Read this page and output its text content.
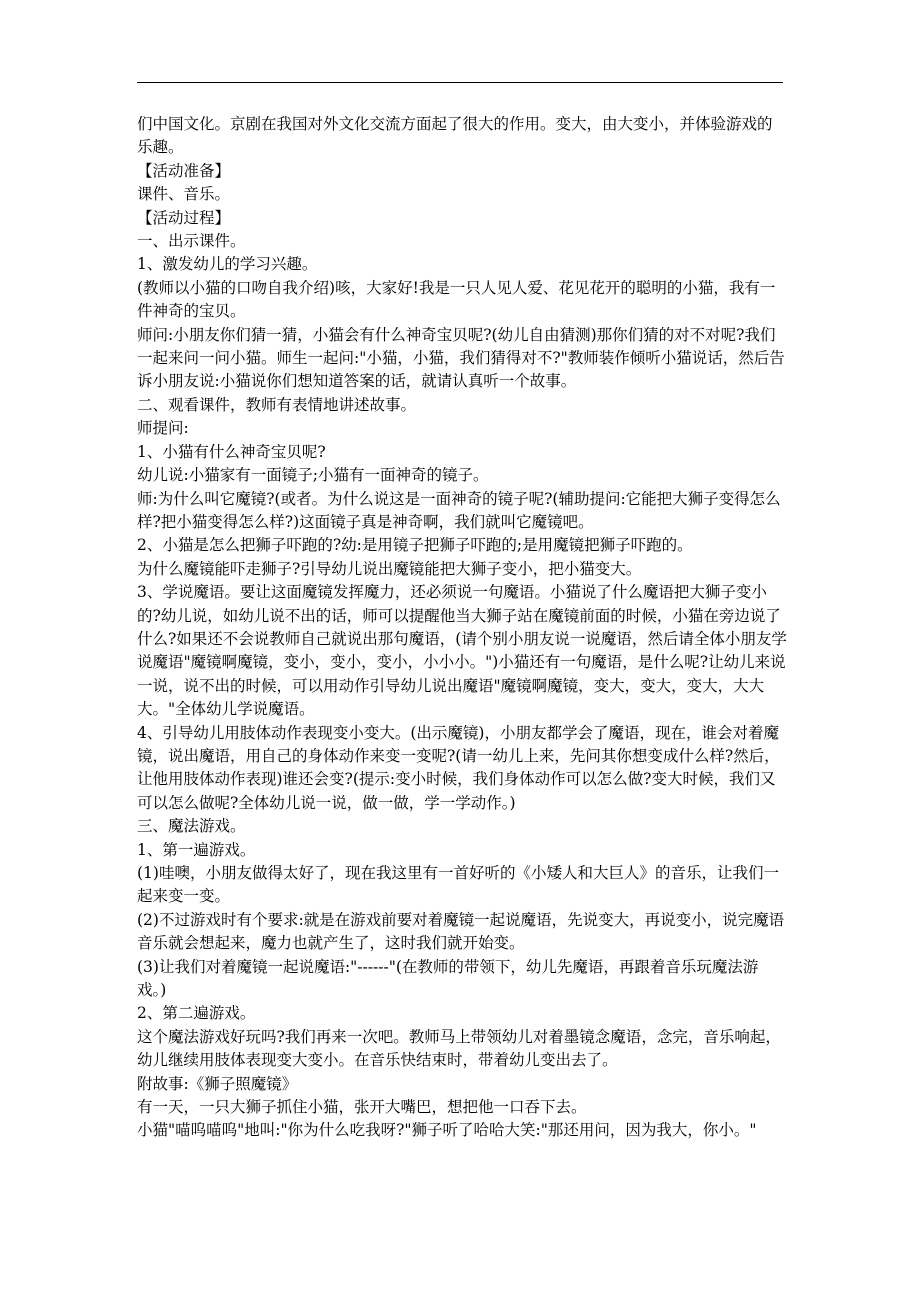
们中国文化。京剧在我国对外文化交流方面起了很大的作用。变大，由大变小，并体验游戏的乐趣。

【活动准备】

课件、音乐。

【活动过程】

一、出示课件。

1、激发幼儿的学习兴趣。

(教师以小猫的口吻自我介绍)咳，大家好!我是一只人见人爱、花见花开的聪明的小猫，我有一件神奇的宝贝。

师问:小朋友你们猜一猜，小猫会有什么神奇宝贝呢?(幼儿自由猜测)那你们猜的对不对呢?我们一起来问一问小猫。师生一起问:"小猫，小猫，我们猜得对不?"教师装作倾听小猫说话，然后告诉小朋友说:小猫说你们想知道答案的话，就请认真听一个故事。

二、观看课件，教师有表情地讲述故事。

师提问:

1、小猫有什么神奇宝贝呢?

幼儿说:小猫家有一面镜子;小猫有一面神奇的镜子。

师:为什么叫它魔镜?(或者。为什么说这是一面神奇的镜子呢?(辅助提问:它能把大狮子变得怎么样?把小猫变得怎么样?)这面镜子真是神奇啊，我们就叫它魔镜吧。

2、小猫是怎么把狮子吓跑的?幼:是用镜子把狮子吓跑的;是用魔镜把狮子吓跑的。

为什么魔镜能吓走狮子?引导幼儿说出魔镜能把大狮子变小，把小猫变大。

3、学说魔语。要让这面魔镜发挥魔力，还必须说一句魔语。小猫说了什么魔语把大狮子变小的?幼儿说，如幼儿说不出的话，师可以提醒他当大狮子站在魔镜前面的时候，小猫在旁边说了什么?如果还不会说教师自己就说出那句魔语，(请个别小朋友说一说魔语，然后请全体小朋友学说魔语"魔镜啊魔镜，变小，变小，变小，小小小。")小猫还有一句魔语，是什么呢?让幼儿来说一说，说不出的时候，可以用动作引导幼儿说出魔语"魔镜啊魔镜，变大，变大，变大，大大大。"全体幼儿学说魔语。

4、引导幼儿用肢体动作表现变小变大。(出示魔镜)，小朋友都学会了魔语，现在，谁会对着魔镜，说出魔语，用自己的身体动作来变一变呢?(请一幼儿上来，先问其你想变成什么样?然后，让他用肢体动作表现)谁还会变?(提示:变小时候，我们身体动作可以怎么做?变大时候，我们又可以怎么做呢?全体幼儿说一说，做一做，学一学动作。)

三、魔法游戏。

1、第一遍游戏。

(1)哇噢，小朋友做得太好了，现在我这里有一首好听的《小矮人和大巨人》的音乐，让我们一起来变一变。

(2)不过游戏时有个要求:就是在游戏前要对着魔镜一起说魔语，先说变大，再说变小，说完魔语音乐就会想起来，魔力也就产生了，这时我们就开始变。

(3)让我们对着魔镜一起说魔语:"------"(在教师的带领下，幼儿先魔语，再跟着音乐玩魔法游戏。)

2、第二遍游戏。

这个魔法游戏好玩吗?我们再来一次吧。教师马上带领幼儿对着墨镜念魔语，念完，音乐响起，幼儿继续用肢体表现变大变小。在音乐快结束时，带着幼儿变出去了。

附故事:《狮子照魔镜》

有一天，一只大狮子抓住小猫，张开大嘴巴，想把他一口吞下去。

小猫"喵呜喵呜"地叫:"你为什么吃我呀?"狮子听了哈哈大笑:"那还用问，因为我大，你小。"
